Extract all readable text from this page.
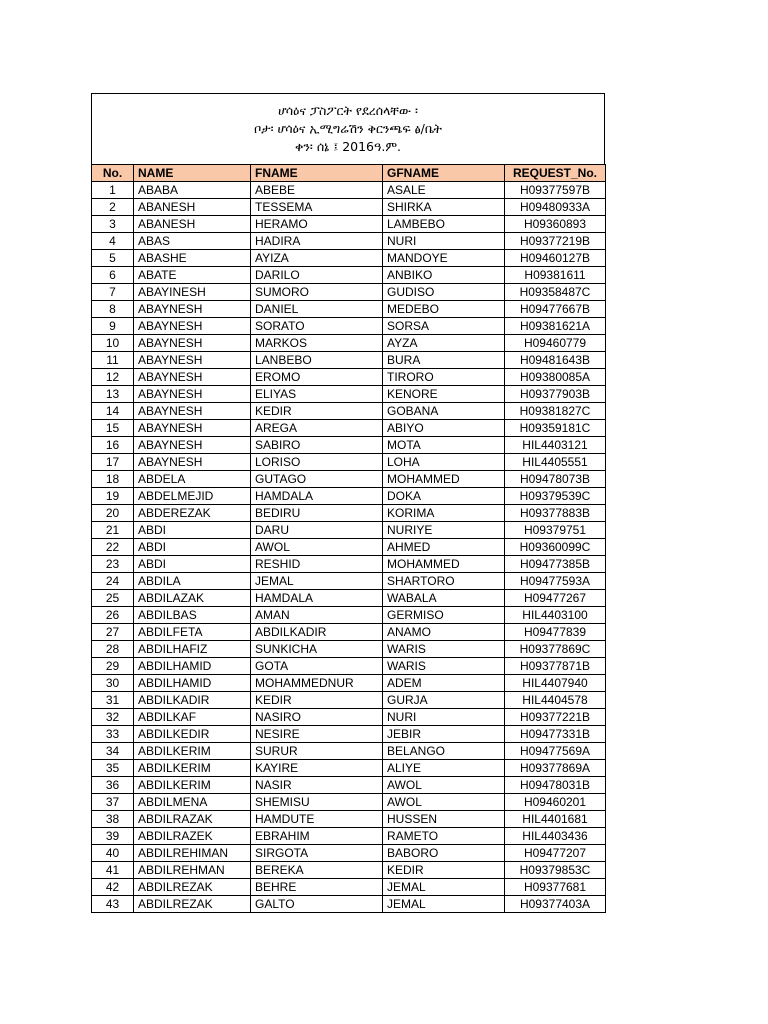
ሆሳዕና ፓስፖርት የደረሰላቸው ፡
ቦታ፡ ሆሳዕና ኢሚግሬሽን ቅርንጫፍ ፅ/ቤት
ቀን፡ ሰኔ ፤ 2016ዓ.ም.
No.	NAME	FNAME	GFNAME	REQUEST_No.
1	ABABA	ABEBE	ASALE	H09377597B
2	ABANESH	TESSEMA	SHIRKA	H09480933A
3	ABANESH	HERAMO	LAMBEBO	H09360893
4	ABAS	HADIRA	NURI	H09377219B
5	ABASHE	AYIZA	MANDOYE	H09460127B
6	ABATE	DARILO	ANBIKO	H09381611
7	ABAYINESH	SUMORO	GUDISO	H09358487C
8	ABAYNESH	DANIEL	MEDEBO	H09477667B
9	ABAYNESH	SORATO	SORSA	H09381621A
10	ABAYNESH	MARKOS	AYZA	H09460779
11	ABAYNESH	LANBEBO	BURA	H09481643B
12	ABAYNESH	EROMO	TIRORO	H09380085A
13	ABAYNESH	ELIYAS	KENORE	H09377903B
14	ABAYNESH	KEDIR	GOBANA	H09381827C
15	ABAYNESH	AREGA	ABIYO	H09359181C
16	ABAYNESH	SABIRO	MOTA	HIL4403121
17	ABAYNESH	LORISO	LOHA	HIL4405551
18	ABDELA	GUTAGO	MOHAMMED	H09478073B
19	ABDELMEJID	HAMDALA	DOKA	H09379539C
20	ABDEREZAK	BEDIRU	KORIMA	H09377883B
21	ABDI	DARU	NURIYE	H09379751
22	ABDI	AWOL	AHMED	H09360099C
23	ABDI	RESHID	MOHAMMED	H09477385B
24	ABDILA	JEMAL	SHARTORO	H09477593A
25	ABDILAZAK	HAMDALA	WABALA	H09477267
26	ABDILBAS	AMAN	GERMISO	HIL4403100
27	ABDILFETA	ABDILKADIR	ANAMO	H09477839
28	ABDILHAFIZ	SUNKICHA	WARIS	H09377869C
29	ABDILHAMID	GOTA	WARIS	H09377871B
30	ABDILHAMID	MOHAMMEDNUR	ADEM	HIL4407940
31	ABDILKADIR	KEDIR	GURJA	HIL4404578
32	ABDILKAF	NASIRO	NURI	H09377221B
33	ABDILKEDIR	NESIRE	JEBIR	H09477331B
34	ABDILKERIM	SURUR	BELANGO	H09477569A
35	ABDILKERIM	KAYIRE	ALIYE	H09377869A
36	ABDILKERIM	NASIR	AWOL	H09478031B
37	ABDILMENA	SHEMISU	AWOL	H09460201
38	ABDILRAZAK	HAMDUTE	HUSSEN	HIL4401681
39	ABDILRAZEK	EBRAHIM	RAMETO	HIL4403436
40	ABDILREHIMAN	SIRGOTA	BABORO	H09477207
41	ABDILREHMAN	BEREKA	KEDIR	H09379853C
42	ABDILREZAK	BEHRE	JEMAL	H09377681
43	ABDILREZAK	GALTO	JEMAL	H09377403A
